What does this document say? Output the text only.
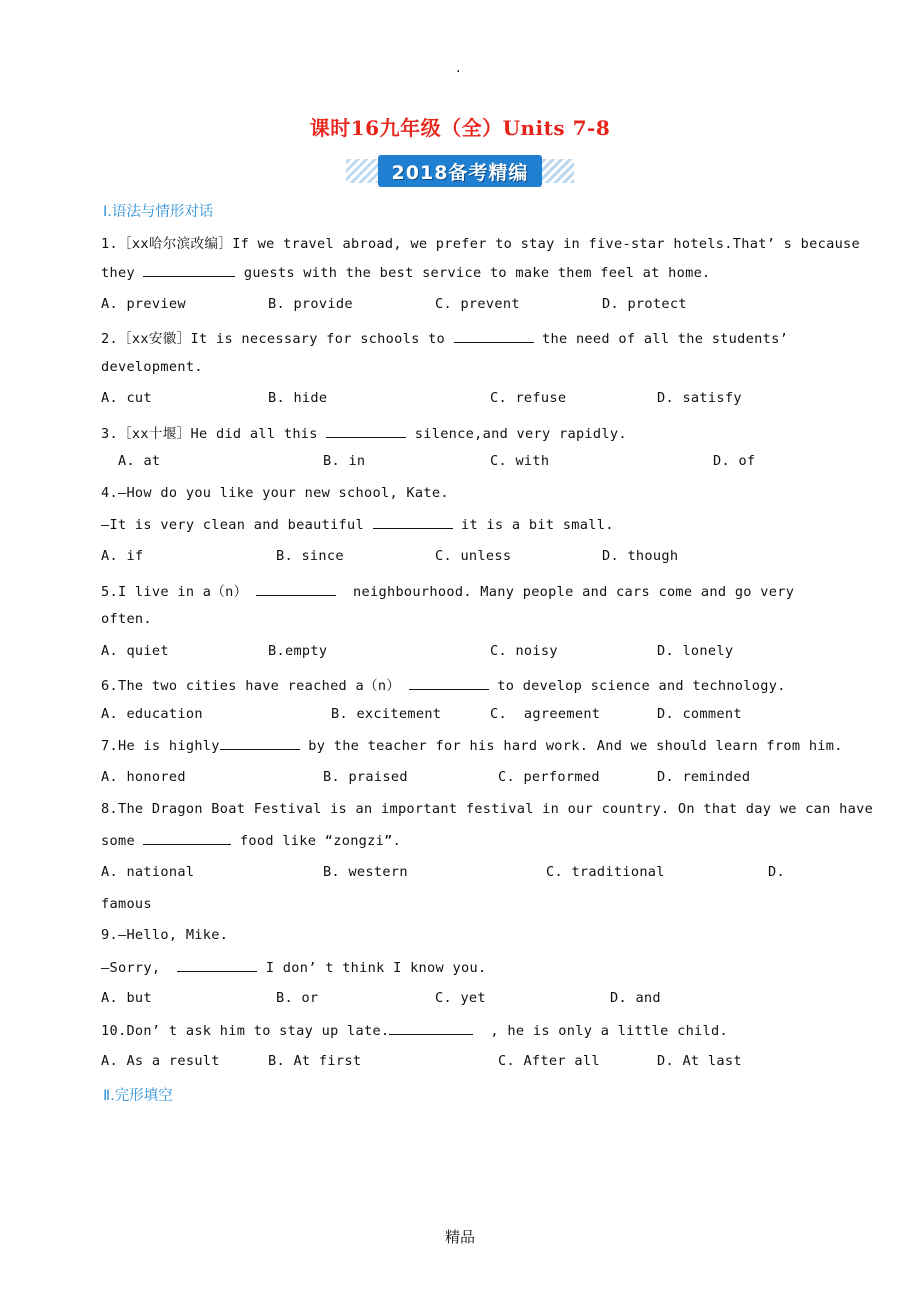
.
课时16九年级（全）Units 7-8
2018备考精编
Ⅰ.语法与情形对话
1.［xx哈尔滨改编］If we travel abroad, we prefer to stay in five-star hotels.That’ s because
they	guests with the best service to make them feel at home.
A. preview	B. provide	C. prevent	D. protect
2.［xx安徽］It is necessary for schools to	the need of all the students’
development.
A. cut	B. hide	C. refuse	D. satisfy
3.［xx十堰］He did all this	silence,and very rapidly.
A. at	B. in	C. with	D. of
4.—How do you like your new school, Kate.
—It is very clean and beautiful	it is a bit small.
A. if	B. since	C. unless	D. though
5.I live in a（n）	neighbourhood. Many people and cars come and go very
often.
A. quiet	B.empty	C. noisy	D. lonely
6.The two cities have reached a（n）	to develop science and technology.
A. education	B. excitement	C.  agreement	D. comment
7.He is highly	by the teacher for his hard work. And we should learn from him.
A. honored	B. praised	C. performed	D. reminded
8.The Dragon Boat Festival is an important festival in our country. On that day we can have
some	food like “zongzi”.
A. national	B. western	C. traditional	D.
famous
9.—Hello, Mike.
—Sorry,	I don’ t think I know you.
A. but	B. or	C. yet	D. and
10.Don’ t ask him to stay up late.	, he is only a little child.
A. As a result	B. At first	C. After all	D. At last
Ⅱ.完形填空
精品
